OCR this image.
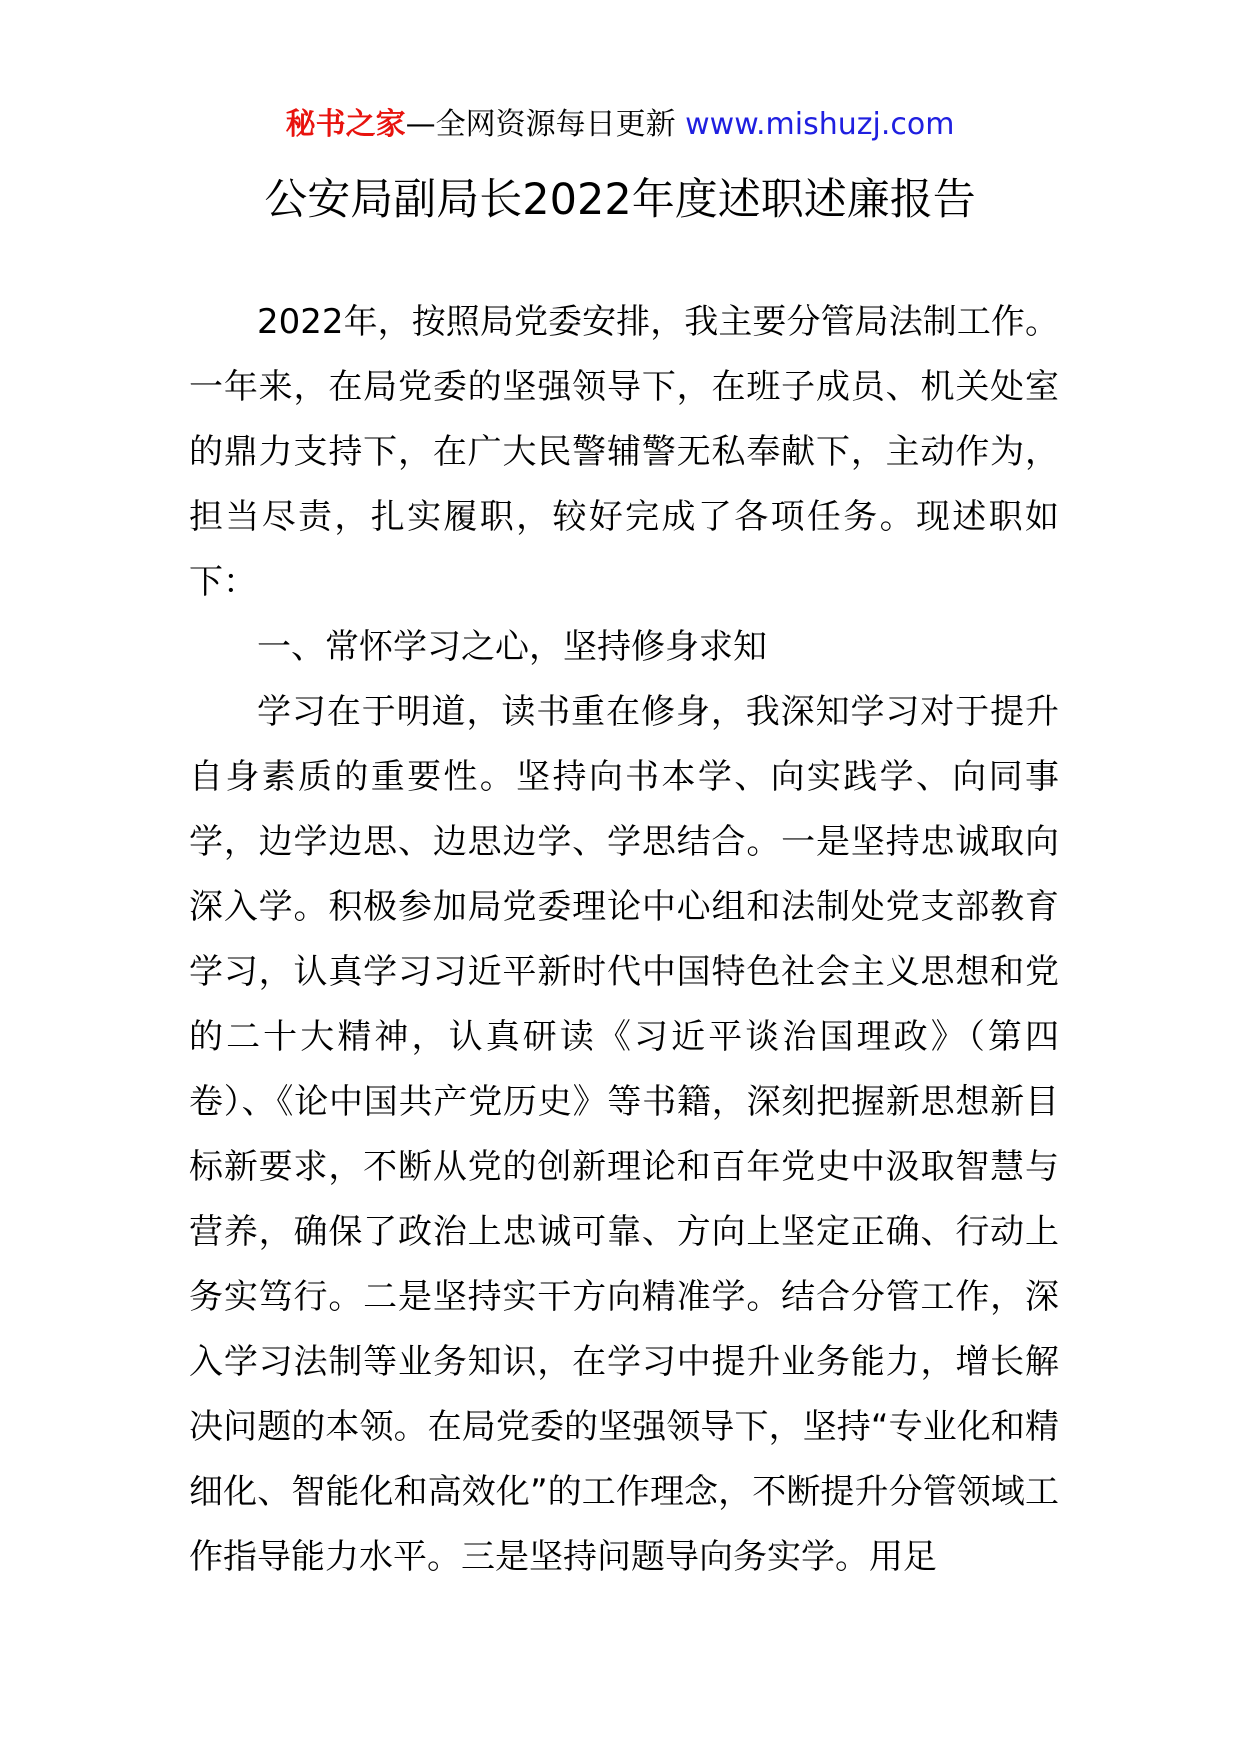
秘书之家—全网资源每日更新 www.mishuzj.com
公安局副局长2022年度述职述廉报告

2022年，按照局党委安排，我主要分管局法制工作。一年来，在局党委的坚强领导下，在班子成员、机关处室的鼎力支持下，在广大民警辅警无私奉献下，主动作为，担当尽责，扎实履职，较好完成了各项任务。现述职如下：

一、常怀学习之心，坚持修身求知

学习在于明道，读书重在修身，我深知学习对于提升自身素质的重要性。坚持向书本学、向实践学、向同事学，边学边思、边思边学、学思结合。一是坚持忠诚取向深入学。积极参加局党委理论中心组和法制处党支部教育学习，认真学习习近平新时代中国特色社会主义思想和党的二十大精神，认真研读《习近平谈治国理政》（第四卷）、《论中国共产党历史》等书籍，深刻把握新思想新目标新要求，不断从党的创新理论和百年党史中汲取智慧与营养，确保了政治上忠诚可靠、方向上坚定正确、行动上务实笃行。二是坚持实干方向精准学。结合分管工作，深入学习法制等业务知识，在学习中提升业务能力，增长解决问题的本领。在局党委的坚强领导下，坚持“专业化和精细化、智能化和高效化”的工作理念，不断提升分管领域工作指导能力水平。三是坚持问题导向务实学。用足
